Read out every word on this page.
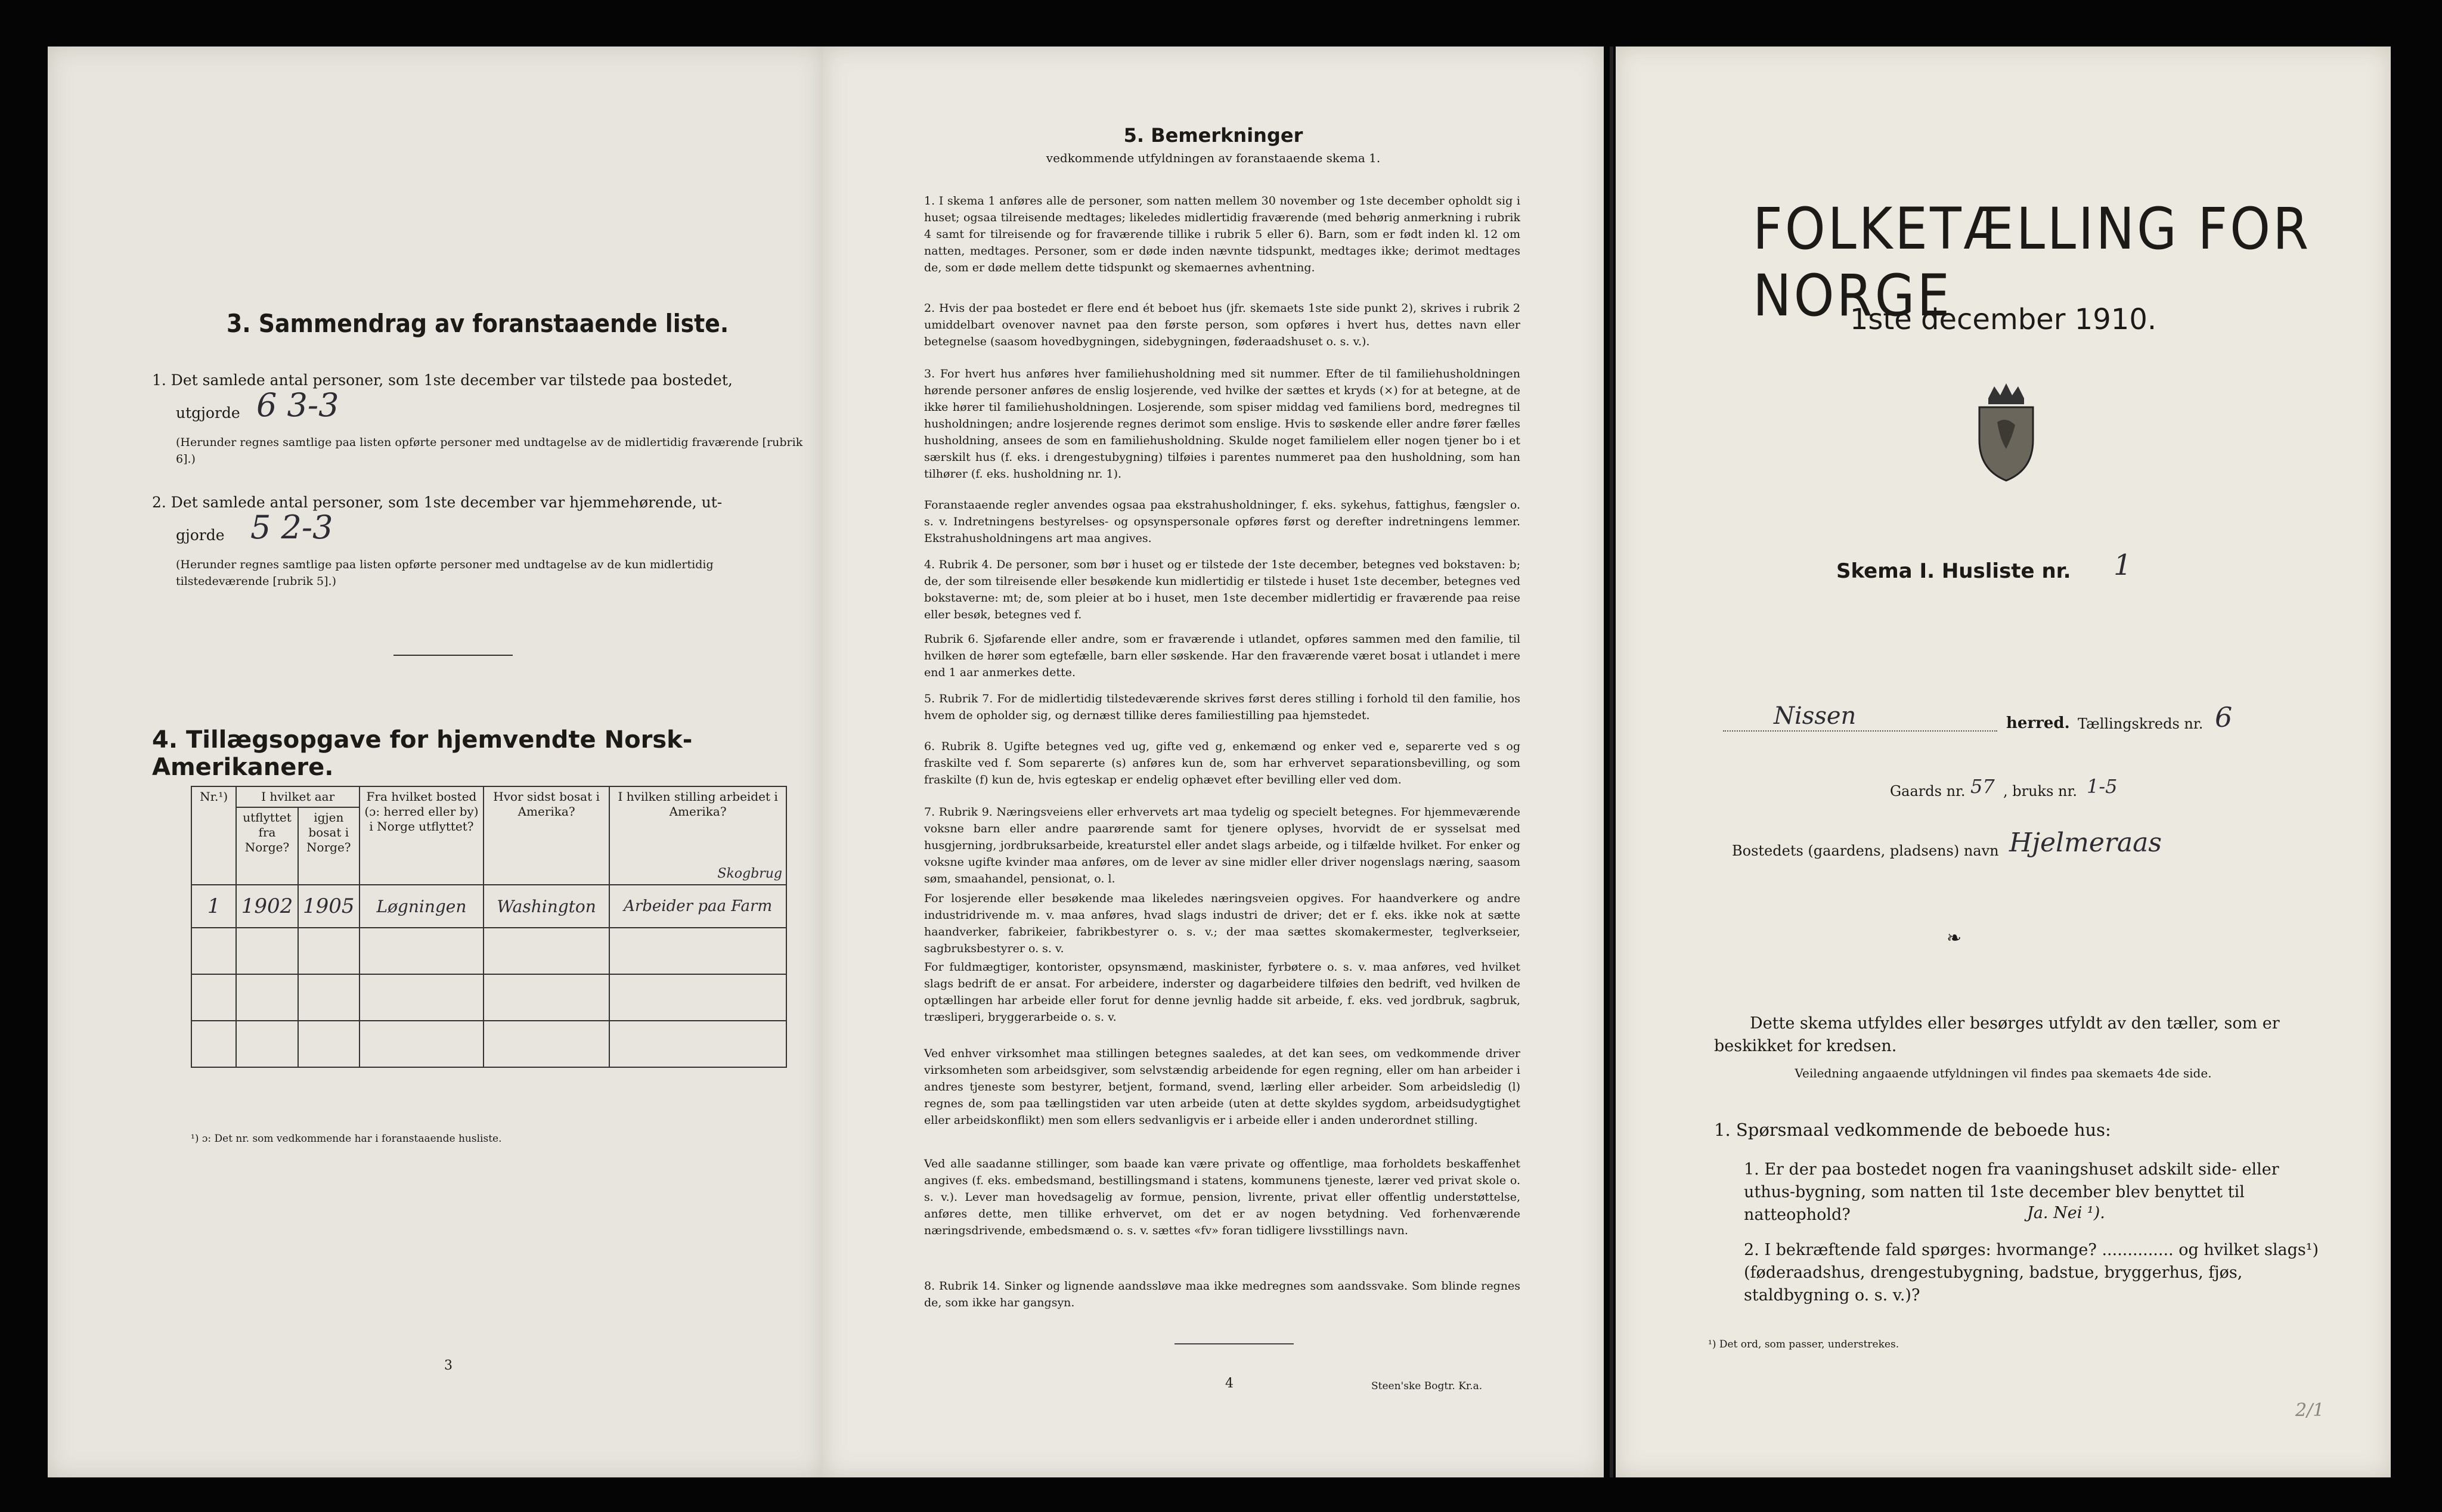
3. Sammendrag av foranstaaende liste.
1. Det samlede antal personer, som 1ste december var tilstede paa bostedet,
utgjorde 6 3-3
(Herunder regnes samtlige paa listen opførte personer med undtagelse av de midlertidig fraværende [rubrik 6].)
2. Det samlede antal personer, som 1ste december var hjemmehørende, ut-
gjorde 5 2-3
(Herunder regnes samtlige paa listen opførte personer med undtagelse av de kun midlertidig tilstedeværende [rubrik 5].)
4. Tillægsopgave for hjemvendte Norsk-Amerikanere.
Nr.¹)	I hvilket aar		Fra hvilket bosted (ɔ: herred eller by) i Norge utflyttet?	Hvor sidst bosat i Amerika?	I hvilken stilling arbeidet i Amerika?
	utflyttet fra Norge?	igjen bosat i Norge?			
1	1902	1905	Løgningen	Washington	Arbeider paa Farm
Skogbrug

¹) ɔ: Det nr. som vedkommende har i foranstaaende husliste.
3
5. Bemerkninger
vedkommende utfyldningen av foranstaaende skema 1.
1. I skema 1 anføres alle de personer, som natten mellem 30 november og 1ste december opholdt sig i huset; ogsaa tilreisende medtages; likeledes midlertidig fraværende (med behørig anmerkning i rubrik 4 samt for tilreisende og for fraværende tillike i rubrik 5 eller 6). Barn, som er født inden kl. 12 om natten, medtages. Personer, som er døde inden nævnte tidspunkt, medtages ikke; derimot medtages de, som er døde mellem dette tidspunkt og skemaernes avhentning.
2. Hvis der paa bostedet er flere end ét beboet hus (jfr. skemaets 1ste side punkt 2), skrives i rubrik 2 umiddelbart ovenover navnet paa den første person, som opføres i hvert hus, dettes navn eller betegnelse (saasom hovedbygningen, sidebygningen, føderaadshuset o. s. v.).
3. For hvert hus anføres hver familiehusholdning med sit nummer. Efter de til familiehusholdningen hørende personer anføres de enslig losjerende, ved hvilke der sættes et kryds (×) for at betegne, at de ikke hører til familiehusholdningen. Losjerende, som spiser middag ved familiens bord, medregnes til husholdningen; andre losjerende regnes derimot som enslige. Hvis to søskende eller andre fører fælles husholdning, ansees de som en familiehusholdning. Skulde noget familielem eller nogen tjener bo i et særskilt hus (f. eks. i drengestubygning) tilføies i parentes nummeret paa den husholdning, som han tilhører (f. eks. husholdning nr. 1).
Foranstaaende regler anvendes ogsaa paa ekstrahusholdninger, f. eks. sykehus, fattighus, fængsler o. s. v. Indretningens bestyrelses- og opsynspersonale opføres først og derefter indretningens lemmer. Ekstrahusholdningens art maa angives.
4. Rubrik 4. De personer, som bør i huset og er tilstede der 1ste december, betegnes ved bokstaven: b; de, der som tilreisende eller besøkende kun midlertidig er tilstede i huset 1ste december, betegnes ved bokstaverne: mt; de, som pleier at bo i huset, men 1ste december midlertidig er fraværende paa reise eller besøk, betegnes ved f.
Rubrik 6. Sjøfarende eller andre, som er fraværende i utlandet, opføres sammen med den familie, til hvilken de hører som egtefælle, barn eller søskende. Har den fraværende været bosat i utlandet i mere end 1 aar anmerkes dette.
5. Rubrik 7. For de midlertidig tilstedeværende skrives først deres stilling i forhold til den familie, hos hvem de opholder sig, og dernæst tillike deres familiestilling paa hjemstedet.
6. Rubrik 8. Ugifte betegnes ved ug, gifte ved g, enkemænd og enker ved e, separerte ved s og fraskilte ved f. Som separerte (s) anføres kun de, som har erhvervet separationsbevilling, og som fraskilte (f) kun de, hvis egteskap er endelig ophævet efter bevilling eller ved dom.
7. Rubrik 9. Næringsveiens eller erhvervets art maa tydelig og specielt betegnes. For hjemmeværende voksne barn eller andre paarørende samt for tjenere oplyses, hvorvidt de er sysselsat med husgjerning, jordbruksarbeide, kreaturstel eller andet slags arbeide, og i tilfælde hvilket. For enker og voksne ugifte kvinder maa anføres, om de lever av sine midler eller driver nogenslags næring, saasom søm, smaahandel, pensionat, o. l.
For losjerende eller besøkende maa likeledes næringsveien opgives. For haandverkere og andre industridrivende m. v. maa anføres, hvad slags industri de driver; det er f. eks. ikke nok at sætte haandverker, fabrikeier, fabrikbestyrer o. s. v.; der maa sættes skomakermester, teglverkseier, sagbruksbestyrer o. s. v.
For fuldmægtiger, kontorister, opsynsmænd, maskinister, fyrbøtere o. s. v. maa anføres, ved hvilket slags bedrift de er ansat. For arbeidere, inderster og dagarbeidere tilføies den bedrift, ved hvilken de optællingen har arbeide eller forut for denne jevnlig hadde sit arbeide, f. eks. ved jordbruk, sagbruk, træsliperi, bryggerarbeide o. s. v.
Ved enhver virksomhet maa stillingen betegnes saaledes, at det kan sees, om vedkommende driver virksomheten som arbeidsgiver, som selvstændig arbeidende for egen regning, eller om han arbeider i andres tjeneste som bestyrer, betjent, formand, svend, lærling eller arbeider. Som arbeidsledig (l) regnes de, som paa tællingstiden var uten arbeide (uten at dette skyldes sygdom, arbeidsudygtighet eller arbeidskonflikt) men som ellers sedvanligvis er i arbeide eller i anden underordnet stilling.
Ved alle saadanne stillinger, som baade kan være private og offentlige, maa forholdets beskaffenhet angives (f. eks. embedsmand, bestillingsmand i statens, kommunens tjeneste, lærer ved privat skole o. s. v.). Lever man hovedsagelig av formue, pension, livrente, privat eller offentlig understøttelse, anføres dette, men tillike erhvervet, om det er av nogen betydning. Ved forhenværende næringsdrivende, embedsmænd o. s. v. sættes «fv» foran tidligere livsstillings navn.
8. Rubrik 14. Sinker og lignende aandssløve maa ikke medregnes som aandssvake. Som blinde regnes de, som ikke har gangsyn.
4	Steen'ske Bogtr. Kr.a.
FOLKETÆLLING FOR NORGE
1ste december 1910.
Skema I. Husliste nr. 1
Nissen	herred. Tællingskreds nr. 6
Gaards nr. 57 , bruks nr. 1-5
Bostedets (gaardens, pladsens) navn Hjelmeraas
❧
Dette skema utfyldes eller besørges utfyldt av den tæller, som er beskikket for kredsen.
Veiledning angaaende utfyldningen vil findes paa skemaets 4de side.
1. Spørsmaal vedkommende de beboede hus:
1. Er der paa bostedet nogen fra vaaningshuset adskilt side- eller uthus-bygning, som natten til 1ste december blev benyttet til natteophold?	Ja. Nei ¹).
2. I bekræftende fald spørges: hvormange? .............. og hvilket slags¹) (føderaadshus, drengestubygning, badstue, bryggerhus, fjøs, staldbygning o. s. v.)?
¹) Det ord, som passer, understrekes.
2/1
